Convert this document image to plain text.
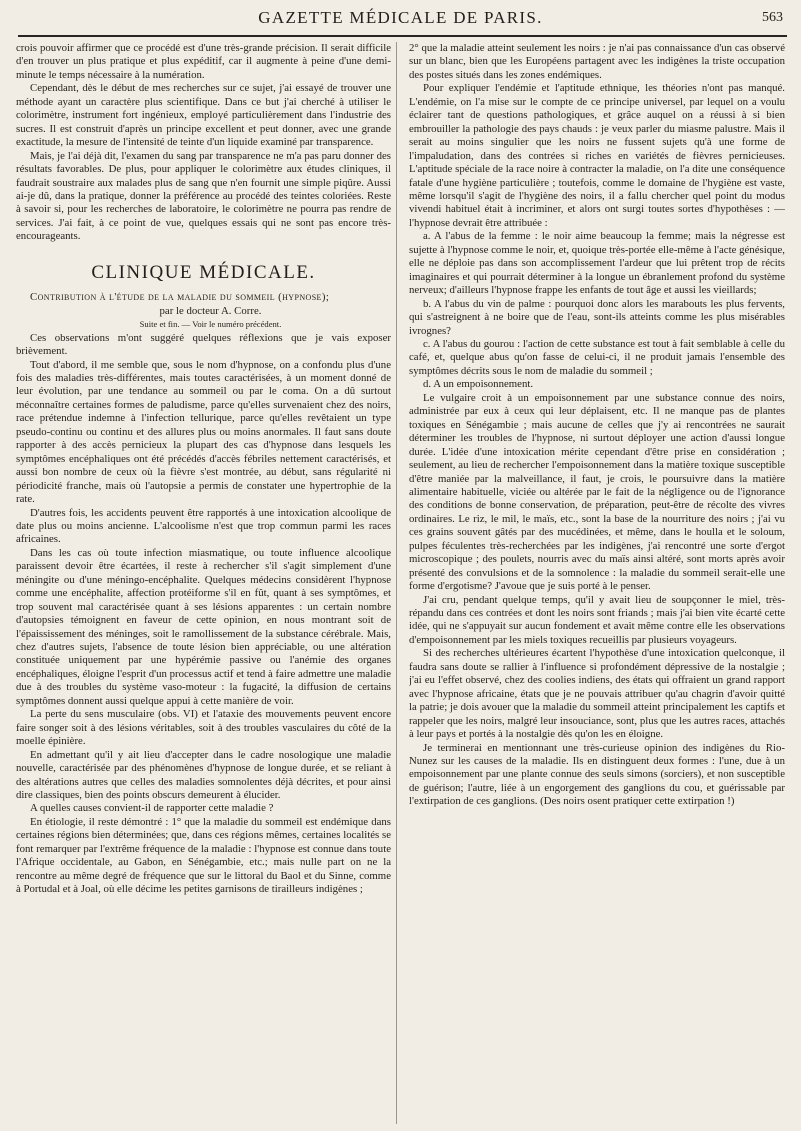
GAZETTE MÉDICALE DE PARIS.	563

crois pouvoir affirmer que ce procédé est d'une très-grande précision. Il serait difficile d'en trouver un plus pratique et plus expéditif, car il augmente à peine d'une demi-minute le temps nécessaire à la numération.

Cependant, dès le début de mes recherches sur ce sujet, j'ai essayé de trouver une méthode ayant un caractère plus scientifique. Dans ce but j'ai cherché à utiliser le colorimètre, instrument fort ingénieux, employé particulièrement dans l'industrie des sucres. Il est construit d'après un principe excellent et peut donner, avec une grande exactitude, la mesure de l'intensité de teinte d'un liquide examiné par transparence.

Mais, je l'ai déjà dit, l'examen du sang par transparence ne m'a pas paru donner des résultats favorables. De plus, pour appliquer le colorimètre aux études cliniques, il faudrait soustraire aux malades plus de sang que n'en fournit une simple piqûre. Aussi ai-je dû, dans la pratique, donner la préférence au procédé des teintes coloriées. Reste à savoir si, pour les recherches de laboratoire, le colorimètre ne pourra pas rendre de services. J'ai fait, à ce point de vue, quelques essais qui ne sont pas encore très-encourageants.

CLINIQUE MÉDICALE.

Contribution à l'étude de la maladie du sommeil (hypnose);

par le docteur A. Corre.

Suite et fin. — Voir le numéro précédent.

Ces observations m'ont suggéré quelques réflexions que je vais exposer brièvement.

Tout d'abord, il me semble que, sous le nom d'hypnose, on a confondu plus d'une fois des maladies très-différentes, mais toutes caractérisées, à un moment donné de leur évolution, par une tendance au sommeil ou par le coma. On a dû surtout méconnaître certaines formes de paludisme, parce qu'elles survenaient chez des noirs, race prétendue indemne à l'infection tellurique, parce qu'elles revêtaient un type pseudo-continu ou continu et des allures plus ou moins anormales. Il faut sans doute rapporter à des accès pernicieux la plupart des cas d'hypnose dans lesquels les symptômes encéphaliques ont été précédés d'accès fébriles nettement caractérisés, et aussi bon nombre de ceux où la fièvre s'est montrée, au début, sans régularité ni périodicité franche, mais où l'autopsie a permis de constater une hypertrophie de la rate.

D'autres fois, les accidents peuvent être rapportés à une intoxication alcoolique de date plus ou moins ancienne. L'alcoolisme n'est que trop commun parmi les races africaines.

Dans les cas où toute infection miasmatique, ou toute influence alcoolique paraissent devoir être écartées, il reste à rechercher s'il s'agit simplement d'une méningite ou d'une méningo-encéphalite. Quelques médecins considèrent l'hypnose comme une encéphalite, affection protéiforme s'il en fût, quant à ses symptômes, et trop souvent mal caractérisée quant à ses lésions apparentes : un certain nombre d'autopsies témoignent en faveur de cette opinion, en nous montrant soit de l'épaississement des méninges, soit le ramollissement de la substance cérébrale. Mais, chez d'autres sujets, l'absence de toute lésion bien appréciable, ou une altération constituée uniquement par une hypérémie passive ou l'anémie des organes encéphaliques, éloigne l'esprit d'un processus actif et tend à faire admettre une maladie due à des troubles du système vaso-moteur : la fugacité, la diffusion de certains symptômes donnent aussi quelque appui à cette manière de voir.

La perte du sens musculaire (obs. VI) et l'ataxie des mouvements peuvent encore faire songer soit à des lésions véritables, soit à des troubles vasculaires du côté de la moelle épinière.

En admettant qu'il y ait lieu d'accepter dans le cadre nosologique une maladie nouvelle, caractérisée par des phénomènes d'hypnose de longue durée, et se reliant à des altérations autres que celles des maladies somnolentes déjà décrites, et pour ainsi dire classiques, bien des points obscurs demeurent à élucider.

A quelles causes convient-il de rapporter cette maladie ?

En étiologie, il reste démontré : 1° que la maladie du sommeil est endémique dans certaines régions bien déterminées; que, dans ces régions mêmes, certaines localités se font remarquer par l'extrême fréquence de la maladie : l'hypnose est connue dans toute l'Afrique occidentale, au Gabon, en Sénégambie, etc.; mais nulle part on ne la rencontre au même degré de fréquence que sur le littoral du Baol et du Sinne, comme à Portudal et à Joal, où elle décime les petites garnisons de tirailleurs indigènes ;

2° que la maladie atteint seulement les noirs : je n'ai pas connaissance d'un cas observé sur un blanc, bien que les Européens partagent avec les indigènes la triste occupation des postes situés dans les zones endémiques.

Pour expliquer l'endémie et l'aptitude ethnique, les théories n'ont pas manqué. L'endémie, on l'a mise sur le compte de ce principe universel, par lequel on a voulu éclairer tant de questions pathologiques, et grâce auquel on a réussi à si bien embrouiller la pathologie des pays chauds : je veux parler du miasme palustre. Mais il serait au moins singulier que les noirs ne fussent sujets qu'à une forme de l'impaludation, dans des contrées si riches en variétés de fièvres pernicieuses. L'aptitude spéciale de la race noire à contracter la maladie, on l'a dite une conséquence fatale d'une hygiène particulière ; toutefois, comme le domaine de l'hygiène est vaste, même lorsqu'il s'agit de l'hygiène des noirs, il a fallu chercher quel point du modus vivendi habituel était à incriminer, et alors ont surgi toutes sortes d'hypothèses : — l'hypnose devrait être attribuée :

a. A l'abus de la femme : le noir aime beaucoup la femme; mais la négresse est sujette à l'hypnose comme le noir, et, quoique très-portée elle-même à l'acte génésique, elle ne déploie pas dans son accomplissement l'ardeur que lui prêtent trop de récits imaginaires et qui pourrait déterminer à la longue un ébranlement profond du système nerveux; d'ailleurs l'hypnose frappe les enfants de tout âge et aussi les vieillards;

b. A l'abus du vin de palme : pourquoi donc alors les marabouts les plus fervents, qui s'astreignent à ne boire que de l'eau, sont-ils atteints comme les plus misérables ivrognes?

c. A l'abus du gourou : l'action de cette substance est tout à fait semblable à celle du café, et, quelque abus qu'on fasse de celui-ci, il ne produit jamais l'ensemble des symptômes décrits sous le nom de maladie du sommeil ;

d. A un empoisonnement.

Le vulgaire croit à un empoisonnement par une substance connue des noirs, administrée par eux à ceux qui leur déplaisent, etc. Il ne manque pas de plantes toxiques en Sénégambie ; mais aucune de celles que j'y ai rencontrées ne saurait déterminer les troubles de l'hypnose, ni surtout déployer une action d'aussi longue durée. L'idée d'une intoxication mérite cependant d'être prise en considération ; seulement, au lieu de rechercher l'empoisonnement dans la matière toxique susceptible d'être maniée par la malveillance, il faut, je crois, le poursuivre dans la matière alimentaire habituelle, viciée ou altérée par le fait de la négligence ou de l'ignorance des conditions de bonne conservation, de préparation, peut-être de récolte des vivres ordinaires. Le riz, le mil, le maïs, etc., sont la base de la nourriture des noirs ; j'ai vu ces grains souvent gâtés par des mucédinées, et même, dans le houlla et le soloum, pulpes féculentes très-recherchées par les indigènes, j'ai rencontré une sorte d'ergot microscopique ; des poulets, nourris avec du maïs ainsi altéré, sont morts après avoir présenté des convulsions et de la somnolence : la maladie du sommeil serait-elle une forme d'ergotisme? J'avoue que je suis porté à le penser.

J'ai cru, pendant quelque temps, qu'il y avait lieu de soupçonner le miel, très-répandu dans ces contrées et dont les noirs sont friands ; mais j'ai bien vite écarté cette idée, qui ne s'appuyait sur aucun fondement et avait même contre elle les observations d'empoisonnement par les miels toxiques recueillis par plusieurs voyageurs.

Si des recherches ultérieures écartent l'hypothèse d'une intoxication quelconque, il faudra sans doute se rallier à l'influence si profondément dépressive de la nostalgie ; j'ai eu l'effet observé, chez des coolies indiens, des états qui offraient un grand rapport avec l'hypnose africaine, états que je ne pouvais attribuer qu'au chagrin d'avoir quitté la patrie; je dois avouer que la maladie du sommeil atteint principalement les captifs et rappeler que les noirs, malgré leur insouciance, sont, plus que les autres races, attachés à leur pays et portés à la nostalgie dès qu'on les en éloigne.

Je terminerai en mentionnant une très-curieuse opinion des indigènes du Rio-Nunez sur les causes de la maladie. Ils en distinguent deux formes : l'une, due à un empoisonnement par une plante connue des seuls simons (sorciers), et non susceptible de guérison; l'autre, liée à un engorgement des ganglions du cou, et guérissable par l'extirpation de ces ganglions. (Des noirs osent pratiquer cette extirpation !)
